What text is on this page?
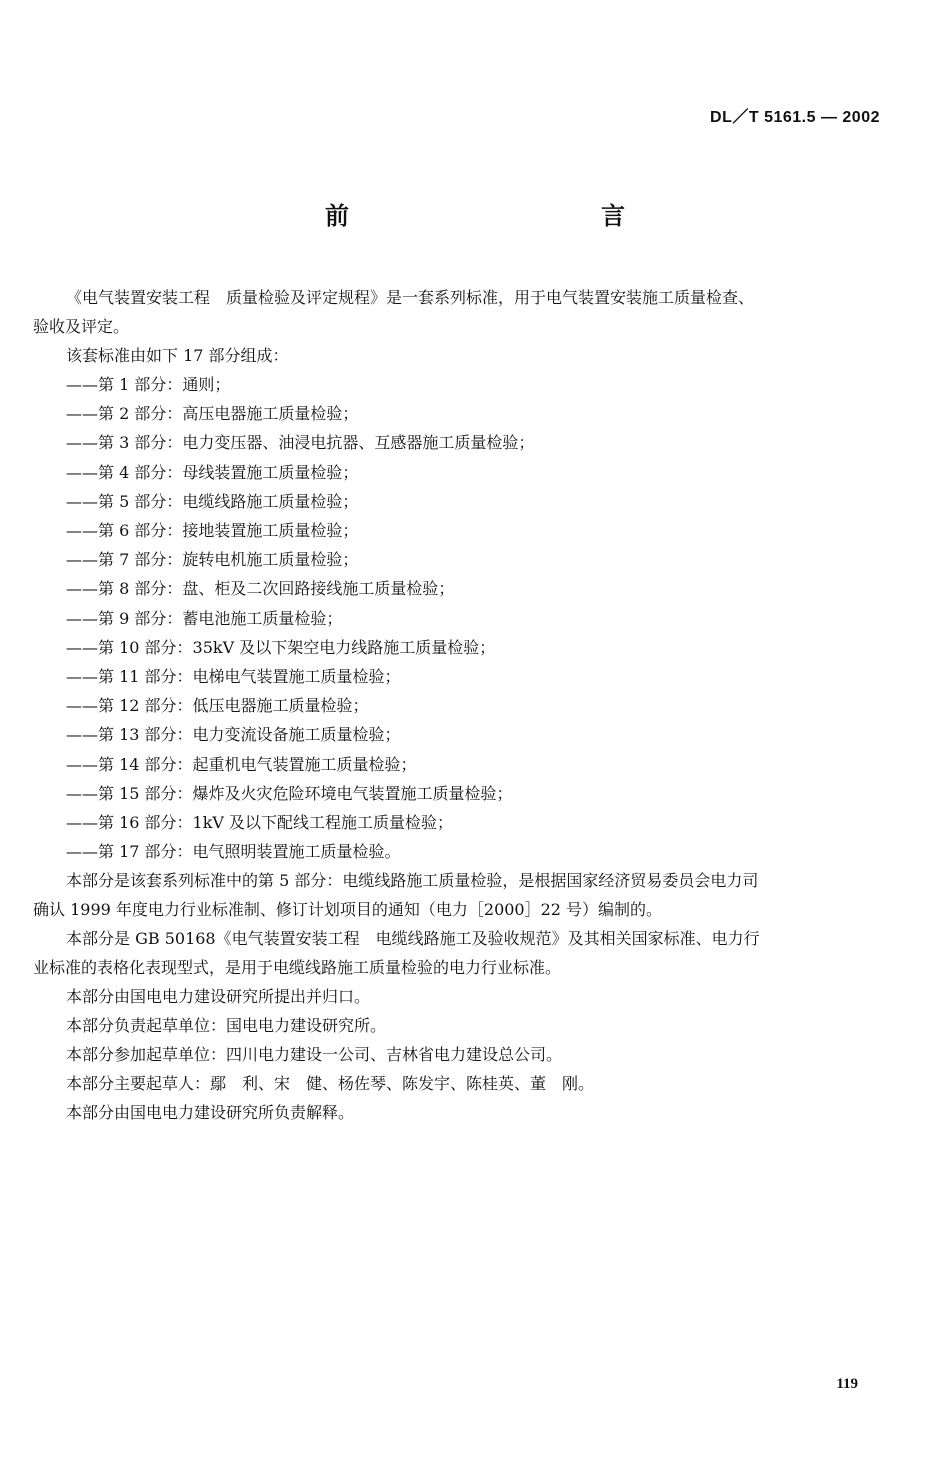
DL／T 5161.5 — 2002
前　　言

《电气装置安装工程　质量检验及评定规程》是一套系列标准，用于电气装置安装施工质量检查、

验收及评定。

该套标准由如下 17 部分组成：

——第 1 部分：通则；
——第 2 部分：高压电器施工质量检验；
——第 3 部分：电力变压器、油浸电抗器、互感器施工质量检验；
——第 4 部分：母线装置施工质量检验；
——第 5 部分：电缆线路施工质量检验；
——第 6 部分：接地装置施工质量检验；
——第 7 部分：旋转电机施工质量检验；
——第 8 部分：盘、柜及二次回路接线施工质量检验；
——第 9 部分：蓄电池施工质量检验；
——第 10 部分：35kV 及以下架空电力线路施工质量检验；
——第 11 部分：电梯电气装置施工质量检验；
——第 12 部分：低压电器施工质量检验；
——第 13 部分：电力变流设备施工质量检验；
——第 14 部分：起重机电气装置施工质量检验；
——第 15 部分：爆炸及火灾危险环境电气装置施工质量检验；
——第 16 部分：1kV 及以下配线工程施工质量检验；
——第 17 部分：电气照明装置施工质量检验。

本部分是该套系列标准中的第 5 部分：电缆线路施工质量检验，是根据国家经济贸易委员会电力司

确认 1999 年度电力行业标准制、修订计划项目的通知（电力［2000］22 号）编制的。

本部分是 GB 50168《电气装置安装工程　电缆线路施工及验收规范》及其相关国家标准、电力行

业标准的表格化表现型式，是用于电缆线路施工质量检验的电力行业标准。

本部分由国电电力建设研究所提出并归口。

本部分负责起草单位：国电电力建设研究所。

本部分参加起草单位：四川电力建设一公司、吉林省电力建设总公司。

本部分主要起草人：鄢　利、宋　健、杨佐琴、陈发宇、陈桂英、董　刚。

本部分由国电电力建设研究所负责解释。

119
